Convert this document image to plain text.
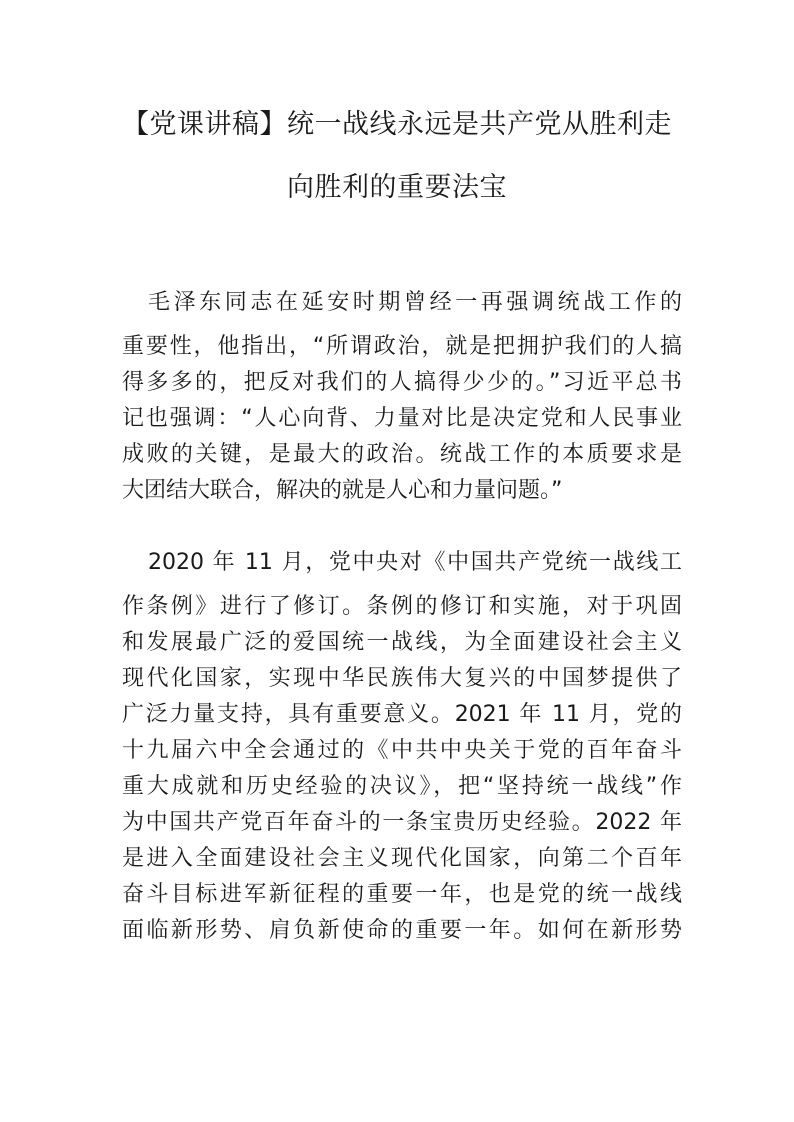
【党课讲稿】统一战线永远是共产党从胜利走
向胜利的重要法宝
毛泽东同志在延安时期曾经一再强调统战工作的
重要性，他指出，“所谓政治，就是把拥护我们的人搞
得多多的，把反对我们的人搞得少少的。”习近平总书
记也强调：“人心向背、力量对比是决定党和人民事业
成败的关键，是最大的政治。统战工作的本质要求是
大团结大联合，解决的就是人心和力量问题。”
2020 年 11 月，党中央对《中国共产党统一战线工
作条例》进行了修订。条例的修订和实施，对于巩固
和发展最广泛的爱国统一战线，为全面建设社会主义
现代化国家，实现中华民族伟大复兴的中国梦提供了
广泛力量支持，具有重要意义。2021 年 11 月，党的
十九届六中全会通过的《中共中央关于党的百年奋斗
重大成就和历史经验的决议》，把“坚持统一战线”作
为中国共产党百年奋斗的一条宝贵历史经验。2022 年
是进入全面建设社会主义现代化国家，向第二个百年
奋斗目标进军新征程的重要一年，也是党的统一战线
面临新形势、肩负新使命的重要一年。如何在新形势
